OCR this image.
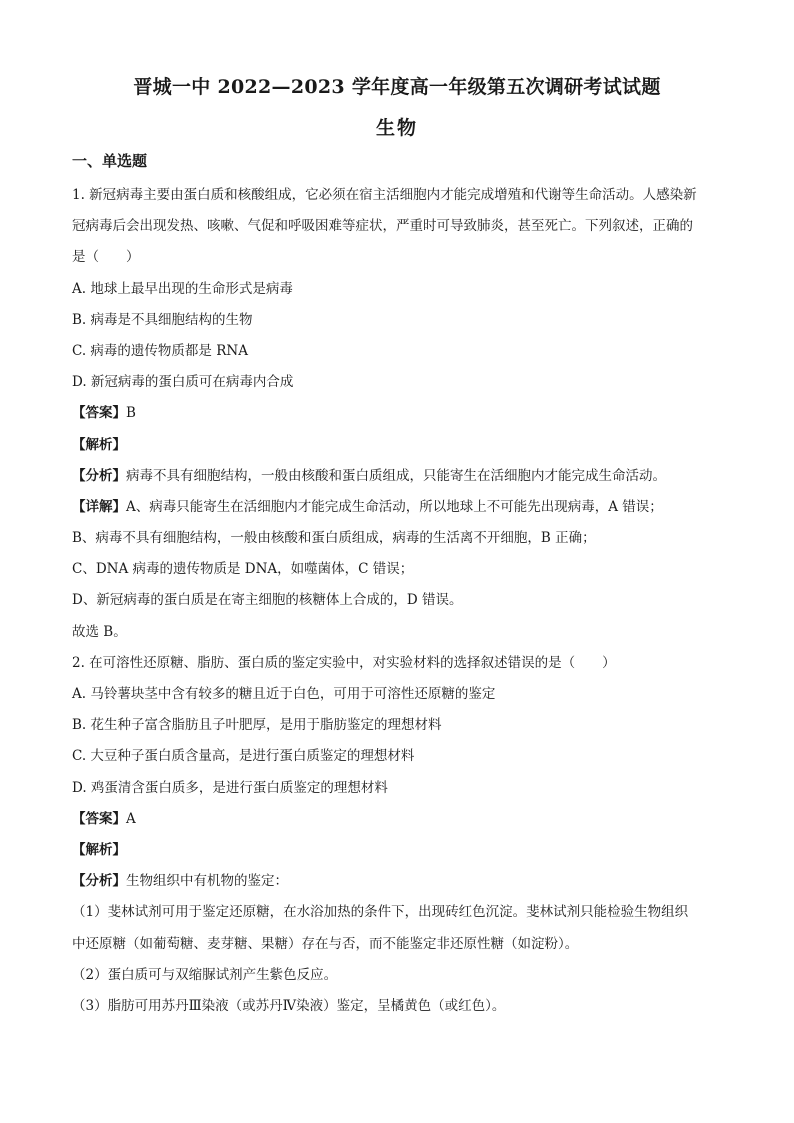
晋城一中 2022—2023 学年度高一年级第五次调研考试试题
生物
一、单选题
1. 新冠病毒主要由蛋白质和核酸组成，它必须在宿主活细胞内才能完成增殖和代谢等生命活动。人感染新
冠病毒后会出现发热、咳嗽、气促和呼吸困难等症状，严重时可导致肺炎，甚至死亡。下列叙述，正确的
是（　　）
A. 地球上最早出现的生命形式是病毒
B. 病毒是不具细胞结构的生物
C. 病毒的遗传物质都是 RNA
D. 新冠病毒的蛋白质可在病毒内合成
【答案】B
【解析】
【分析】病毒不具有细胞结构，一般由核酸和蛋白质组成，只能寄生在活细胞内才能完成生命活动。
【详解】A、病毒只能寄生在活细胞内才能完成生命活动，所以地球上不可能先出现病毒，A 错误；
B、病毒不具有细胞结构，一般由核酸和蛋白质组成，病毒的生活离不开细胞，B 正确；
C、DNA 病毒的遗传物质是 DNA，如噬菌体，C 错误；
D、新冠病毒的蛋白质是在寄主细胞的核糖体上合成的，D 错误。
故选 B。
2. 在可溶性还原糖、脂肪、蛋白质的鉴定实验中，对实验材料的选择叙述错误的是（　　）
A. 马铃薯块茎中含有较多的糖且近于白色，可用于可溶性还原糖的鉴定
B. 花生种子富含脂肪且子叶肥厚，是用于脂肪鉴定的理想材料
C. 大豆种子蛋白质含量高，是进行蛋白质鉴定的理想材料
D. 鸡蛋清含蛋白质多，是进行蛋白质鉴定的理想材料
【答案】A
【解析】
【分析】生物组织中有机物的鉴定：
（1）斐林试剂可用于鉴定还原糖，在水浴加热的条件下，出现砖红色沉淀。斐林试剂只能检验生物组织
中还原糖（如葡萄糖、麦芽糖、果糖）存在与否，而不能鉴定非还原性糖（如淀粉）。
（2）蛋白质可与双缩脲试剂产生紫色反应。
（3）脂肪可用苏丹Ⅲ染液（或苏丹Ⅳ染液）鉴定，呈橘黄色（或红色）。
